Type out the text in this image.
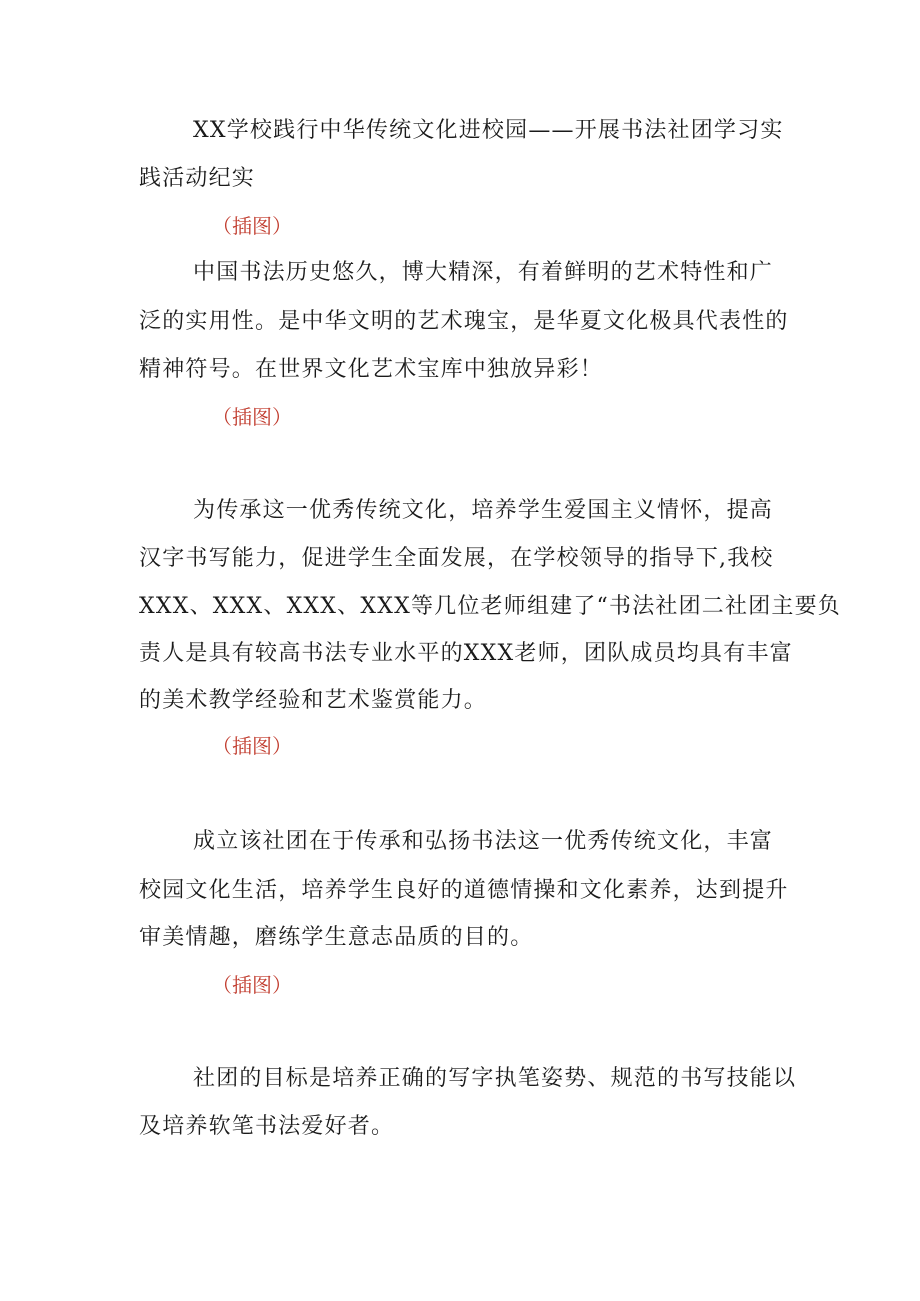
XX学校践行中华传统文化进校园——开展书法社团学习实
践活动纪实
（插图）
中国书法历史悠久，博大精深，有着鲜明的艺术特性和广
泛的实用性。是中华文明的艺术瑰宝，是华夏文化极具代表性的
精神符号。在世界文化艺术宝库中独放异彩！
（插图）
为传承这一优秀传统文化，培养学生爱国主义情怀，提高
汉字书写能力，促进学生全面发展，在学校领导的指导下,我校
XXX、XXX、XXX、XXX等几位老师组建了“书法社团二社团主要负
责人是具有较高书法专业水平的XXX老师，团队成员均具有丰富
的美术教学经验和艺术鉴赏能力。
（插图）
成立该社团在于传承和弘扬书法这一优秀传统文化，丰富
校园文化生活，培养学生良好的道德情操和文化素养，达到提升
审美情趣，磨练学生意志品质的目的。
（插图）
社团的目标是培养正确的写字执笔姿势、规范的书写技能以
及培养软笔书法爱好者。
